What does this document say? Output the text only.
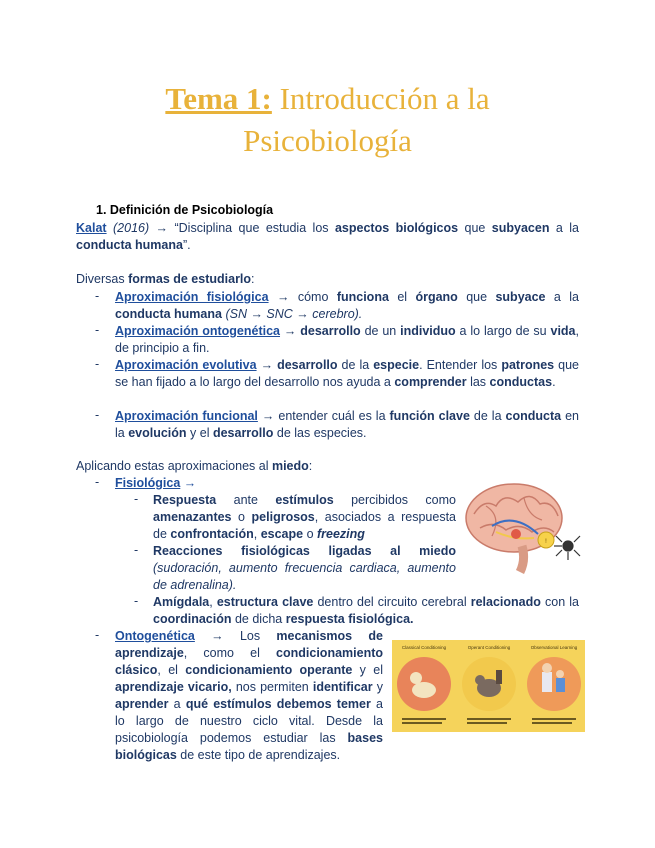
Tema 1: Introducción a la
Psicobiología
1. Definición de Psicobiología
Kalat (2016) → “Disciplina que estudia los aspectos biológicos que subyacen a la conducta humana”.
Diversas formas de estudiarlo:
- Aproximación fisiológica → cómo funciona el órgano que subyace a la conducta humana (SN → SNC → cerebro).
- Aproximación ontogenética → desarrollo de un individuo a lo largo de su vida, de principio a fin.
- Aproximación evolutiva → desarrollo de la especie. Entender los patrones que se han fijado a lo largo del desarrollo nos ayuda a comprender las conductas.
- Aproximación funcional → entender cuál es la función clave de la conducta en la evolución y el desarrollo de las especies.
Aplicando estas aproximaciones al miedo:
- Fisiológica →
- Respuesta ante estímulos percibidos como amenazantes o peligrosos, asociados a respuesta de confrontación, escape o freezing
- Reacciones fisiológicas ligadas al miedo (sudoración, aumento frecuencia cardiaca, aumento de adrenalina).
- Amígdala, estructura clave dentro del circuito cerebral relacionado con la coordinación de dicha respuesta fisiológica.
- Ontogenética → Los mecanismos de aprendizaje, como el condicionamiento clásico, el condicionamiento operante y el aprendizaje vicario, nos permiten identificar y aprender a qué estímulos debemos temer a lo largo de nuestro ciclo vital. Desde la psicobiología podemos estudiar las bases biológicas de este tipo de aprendizajes.
!
Classical Conditioning	Operant Conditioning	Observational Learning
